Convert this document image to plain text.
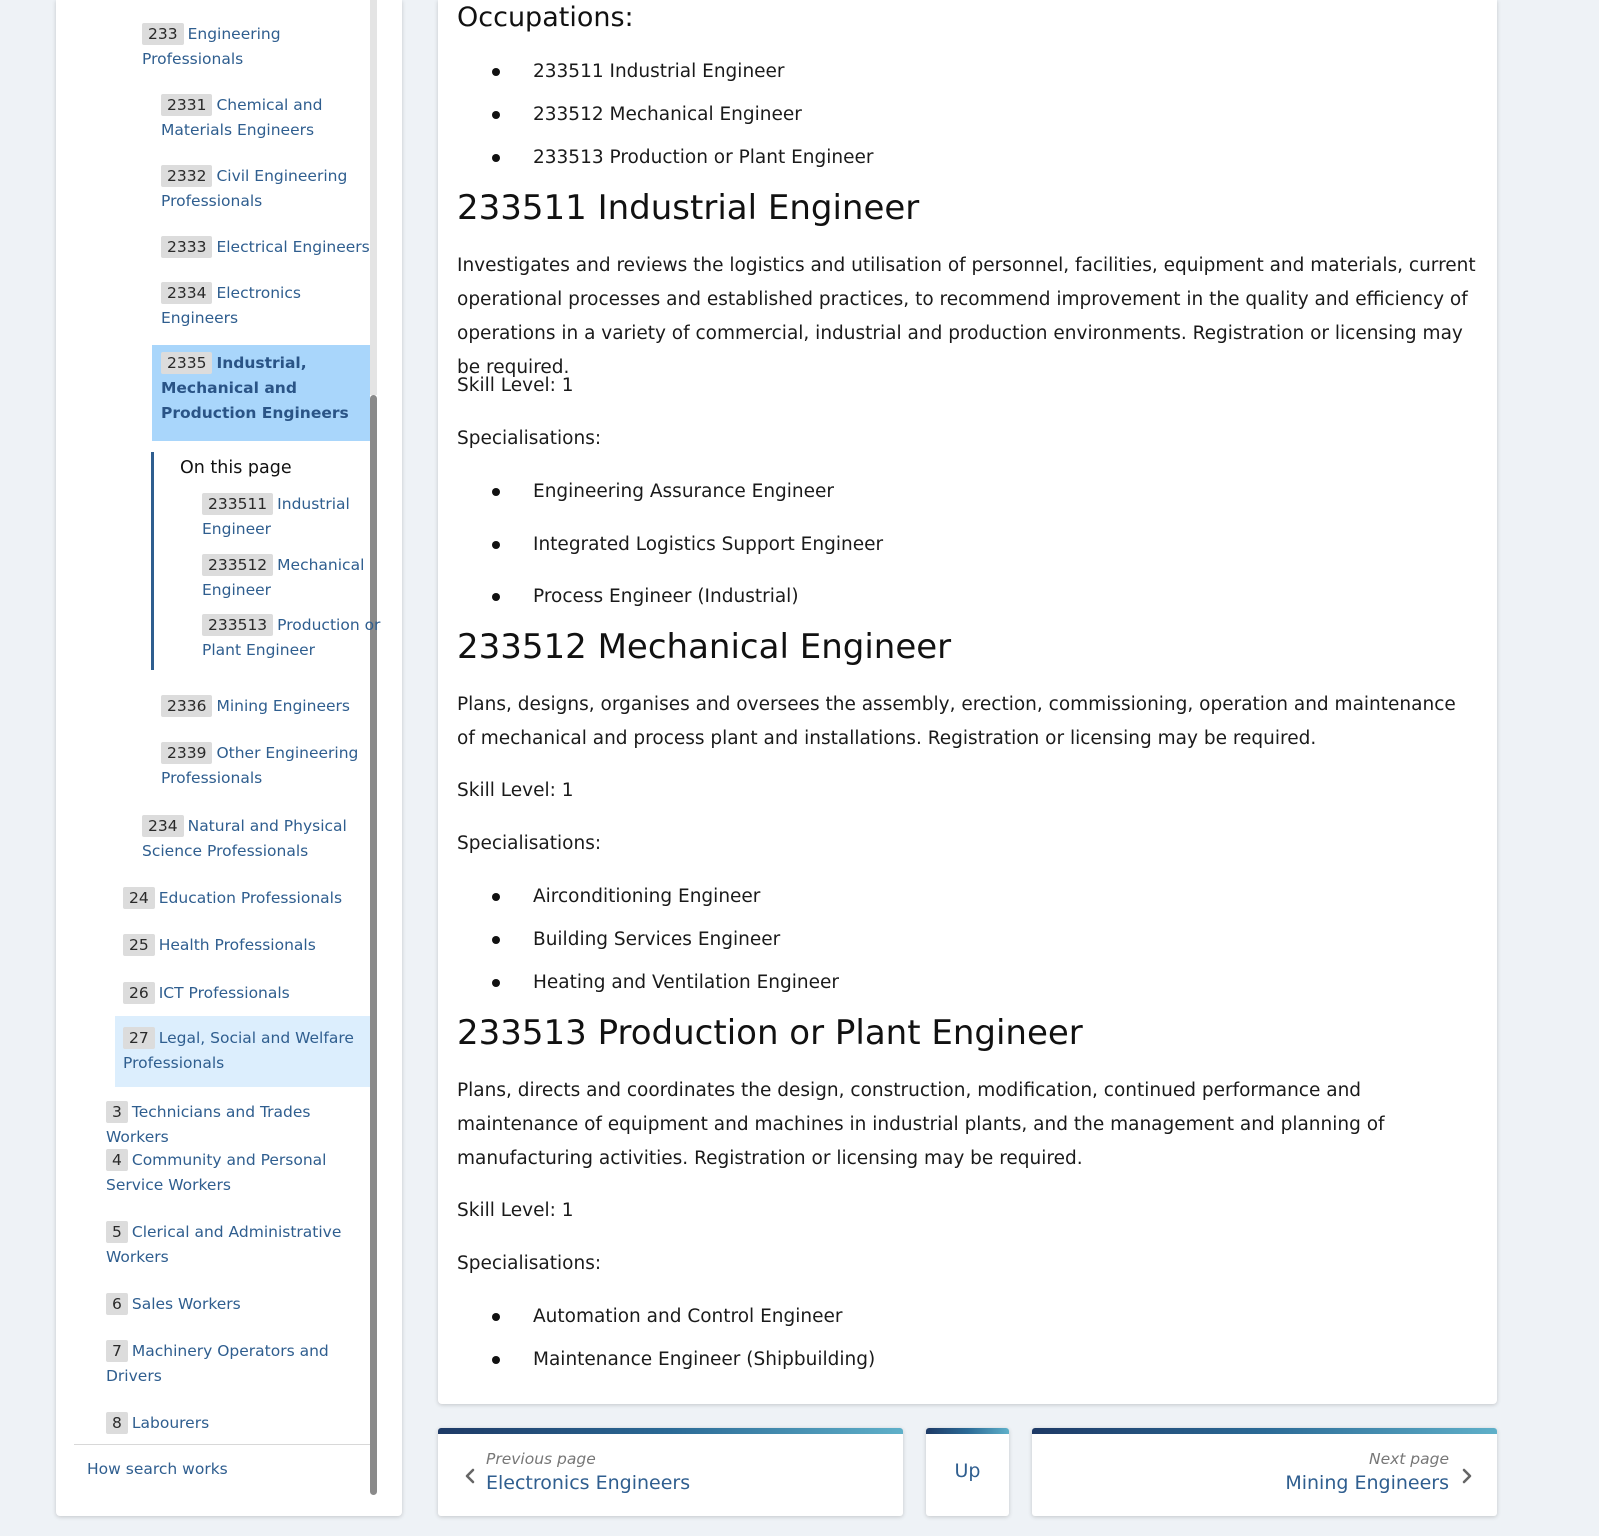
233 Engineering Professionals
2331 Chemical and Materials Engineers
2332 Civil Engineering Professionals
2333 Electrical Engineers
2334 Electronics Engineers
2335 Industrial, Mechanical and Production Engineers
On this page
233511 Industrial Engineer
233512 Mechanical Engineer
233513 Production or Plant Engineer
2336 Mining Engineers
2339 Other Engineering Professionals
234 Natural and Physical Science Professionals
24 Education Professionals
25 Health Professionals
26 ICT Professionals
27 Legal, Social and Welfare Professionals
3 Technicians and Trades Workers
4 Community and Personal Service Workers
5 Clerical and Administrative Workers
6 Sales Workers
7 Machinery Operators and Drivers
8 Labourers
How search works
Occupations:
233511 Industrial Engineer
233512 Mechanical Engineer
233513 Production or Plant Engineer
233511 Industrial Engineer

Investigates and reviews the logistics and utilisation of personnel, facilities, equipment and materials, current operational processes and established practices, to recommend improvement in the quality and efficiency of operations in a variety of commercial, industrial and production environments. Registration or licensing may be required.

Skill Level: 1
Specialisations:
Engineering Assurance Engineer
Integrated Logistics Support Engineer
Process Engineer (Industrial)
233512 Mechanical Engineer

Plans, designs, organises and oversees the assembly, erection, commissioning, operation and maintenance of mechanical and process plant and installations. Registration or licensing may be required.

Skill Level: 1
Specialisations:
Airconditioning Engineer
Building Services Engineer
Heating and Ventilation Engineer
233513 Production or Plant Engineer

Plans, directs and coordinates the design, construction, modification, continued performance and maintenance of equipment and machines in industrial plants, and the management and planning of manufacturing activities. Registration or licensing may be required.

Skill Level: 1
Specialisations:
Automation and Control Engineer
Maintenance Engineer (Shipbuilding)
Previous page
Electronics Engineers
Up
Next page
Mining Engineers
